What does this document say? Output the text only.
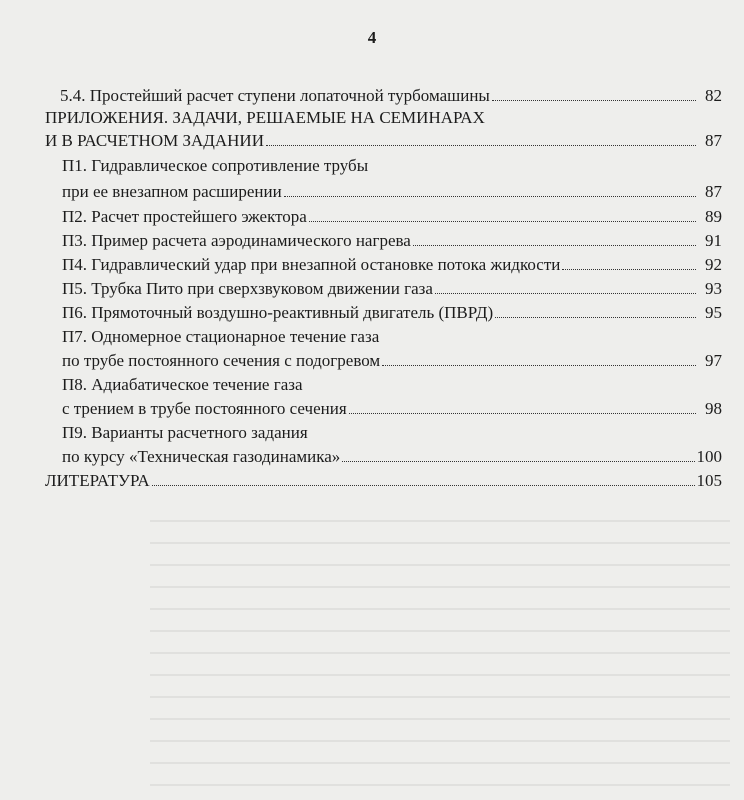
4
5.4. Простейший расчет ступени лопаточной турбомашины	82
ПРИЛОЖЕНИЯ. ЗАДАЧИ, РЕШАЕМЫЕ НА СЕМИНАРАХ
И В РАСЧЕТНОМ ЗАДАНИИ	87
П1. Гидравлическое сопротивление трубы
при ее внезапном расширении	87
П2. Расчет простейшего эжектора	89
П3. Пример расчета аэродинамического нагрева	91
П4. Гидравлический удар при внезапной остановке потока жидкости	92
П5. Трубка Пито при сверхзвуковом движении газа	93
П6. Прямоточный воздушно-реактивный двигатель (ПВРД)	95
П7. Одномерное стационарное течение газа
по трубе постоянного сечения с подогревом	97
П8. Адиабатическое течение газа
с трением в трубе постоянного сечения	98
П9. Варианты расчетного задания
по курсу «Техническая газодинамика»	100
ЛИТЕРАТУРА	105
